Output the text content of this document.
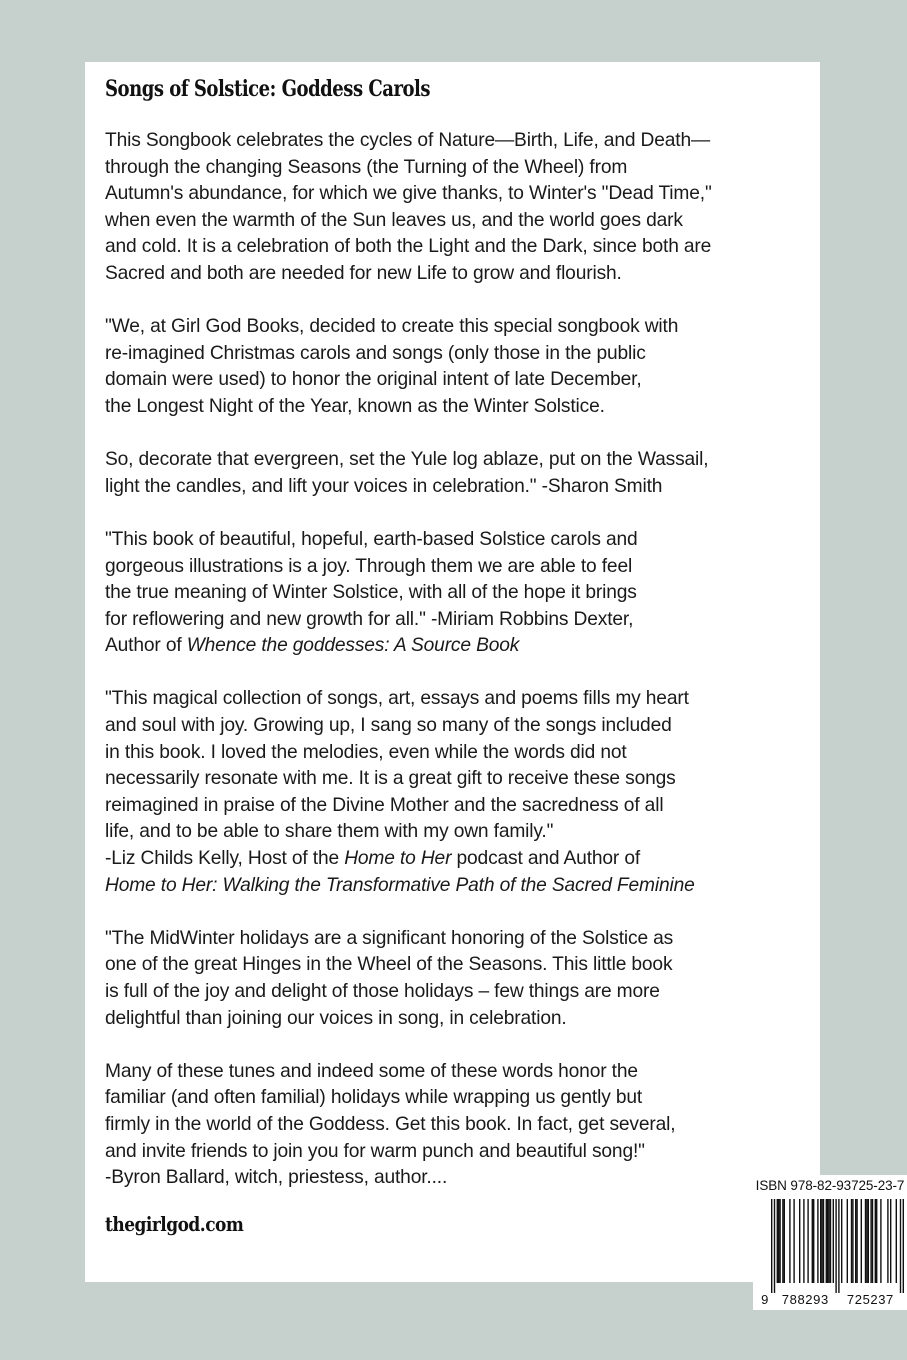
Songs of Solstice: Goddess Carols

This Songbook celebrates the cycles of Nature—Birth, Life, and Death—
through the changing Seasons (the Turning of the Wheel) from
Autumn's abundance, for which we give thanks, to Winter's "Dead Time,"
when even the warmth of the Sun leaves us, and the world goes dark
and cold. It is a celebration of both the Light and the Dark, since both are
Sacred and both are needed for new Life to grow and flourish.

"We, at Girl God Books, decided to create this special songbook with
re-imagined Christmas carols and songs (only those in the public
domain were used) to honor the original intent of late December,
the Longest Night of the Year, known as the Winter Solstice.

So, decorate that evergreen, set the Yule log ablaze, put on the Wassail,
light the candles, and lift your voices in celebration." -Sharon Smith

"This book of beautiful, hopeful, earth-based Solstice carols and
gorgeous illustrations is a joy. Through them we are able to feel
the true meaning of Winter Solstice, with all of the hope it brings
for reflowering and new growth for all." -Miriam Robbins Dexter,
Author of Whence the goddesses: A Source Book

"This magical collection of songs, art, essays and poems fills my heart
and soul with joy. Growing up, I sang so many of the songs included
in this book. I loved the melodies, even while the words did not
necessarily resonate with me. It is a great gift to receive these songs
reimagined in praise of the Divine Mother and the sacredness of all
life, and to be able to share them with my own family."
-Liz Childs Kelly, Host of the Home to Her podcast and Author of
Home to Her: Walking the Transformative Path of the Sacred Feminine

"The MidWinter holidays are a significant honoring of the Solstice as
one of the great Hinges in the Wheel of the Seasons. This little book
is full of the joy and delight of those holidays – few things are more
delightful than joining our voices in song, in celebration.

Many of these tunes and indeed some of these words honor the
familiar (and often familial) holidays while wrapping us gently but
firmly in the world of the Goddess. Get this book. In fact, get several,
and invite friends to join you for warm punch and beautiful song!"
-Byron Ballard, witch, priestess, author....

thegirlgod.com

ISBN 978-82-93725-23-7
9 788293 725237
